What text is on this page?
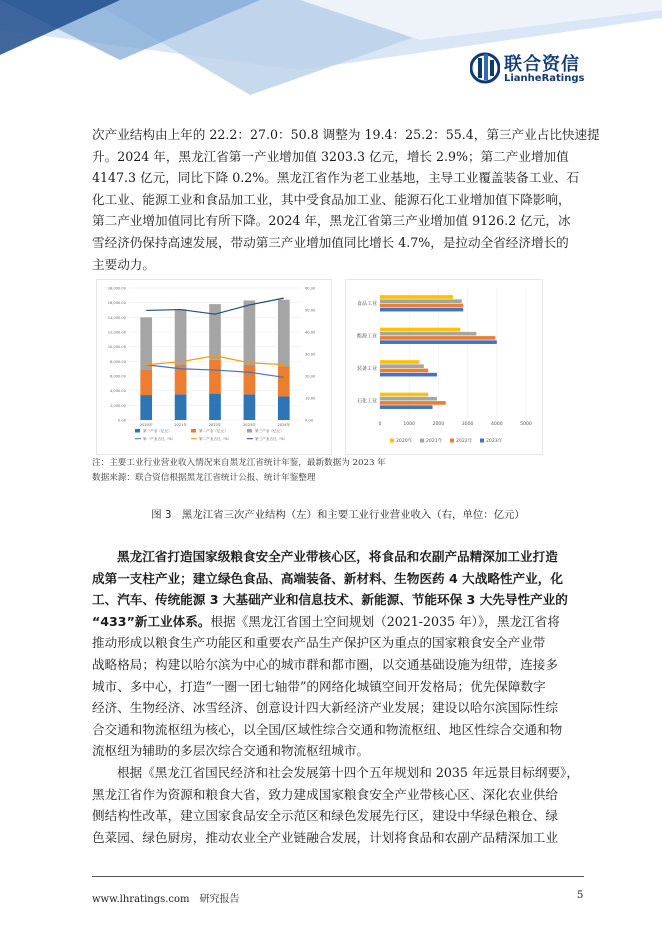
联合资信
LianheRatings
次产业结构由上年的 22.2：27.0：50.8 调整为 19.4：25.2：55.4，第三产业占比快速提
升。2024 年，黑龙江省第一产业增加值 3203.3 亿元，增长 2.9%；第二产业增加值
4147.3 亿元，同比下降 0.2%。黑龙江省作为老工业基地，主导工业覆盖装备工业、石
化工业、能源工业和食品加工业，其中受食品加工业、能源石化工业增加值下降影响，
第二产业增加值同比有所下降。2024 年，黑龙江省第三产业增加值 9126.2 亿元，冰
雪经济仍保持高速发展，带动第三产业增加值同比增长 4.7%，是拉动全省经济增长的
主要动力。
0.00
2,000.00
4,000.00
6,000.00
8,000.00
10,000.00
12,000.00
14,000.00
16,000.00
18,000.00
0.00
10.00
20.00
30.00
40.00
50.00
60.00
2020年	2021年	2022年	2023年	2024年
第一产业（亿元）	第二产业（亿元）	第三产业（亿元）
第一产业占比（%）	第二产业占比（%）	第三产业占比（%）
0	1000	2000	3000	4000	5000
食品工业
能源工业
装备工业
石化工业
2020年	2021年	2022年	2023年
注：主要工业行业营业收入情况来自黑龙江省统计年鉴，最新数据为 2023 年
数据来源：联合资信根据黑龙江省统计公报、统计年鉴整理
图 3　黑龙江省三次产业结构（左）和主要工业行业营业收入（右，单位：亿元）
黑龙江省打造国家级粮食安全产业带核心区，将食品和农副产品精深加工业打造
成第一支柱产业；建立绿色食品、高端装备、新材料、生物医药 4 大战略性产业，化
工、汽车、传统能源 3 大基础产业和信息技术、新能源、节能环保 3 大先导性产业的
“433”新工业体系。根据《黑龙江省国土空间规划（2021-2035 年）》，黑龙江省将
推动形成以粮食生产功能区和重要农产品生产保护区为重点的国家粮食安全产业带
战略格局；构建以哈尔滨为中心的城市群和都市圈，以交通基础设施为纽带，连接多
城市、多中心，打造“一圈一团七轴带”的网络化城镇空间开发格局；优先保障数字
经济、生物经济、冰雪经济、创意设计四大新经济产业发展；建设以哈尔滨国际性综
合交通和物流枢纽为核心，以全国/区域性综合交通和物流枢纽、地区性综合交通和物
流枢纽为辅助的多层次综合交通和物流枢纽城市。
根据《黑龙江省国民经济和社会发展第十四个五年规划和 2035 年远景目标纲要》，
黑龙江省作为资源和粮食大省，致力建成国家粮食安全产业带核心区、深化农业供给
侧结构性改革，建立国家食品安全示范区和绿色发展先行区，建设中华绿色粮仓、绿
色菜园、绿色厨房，推动农业全产业链融合发展，计划将食品和农副产品精深加工业
www.lhratings.com　研究报告	5
